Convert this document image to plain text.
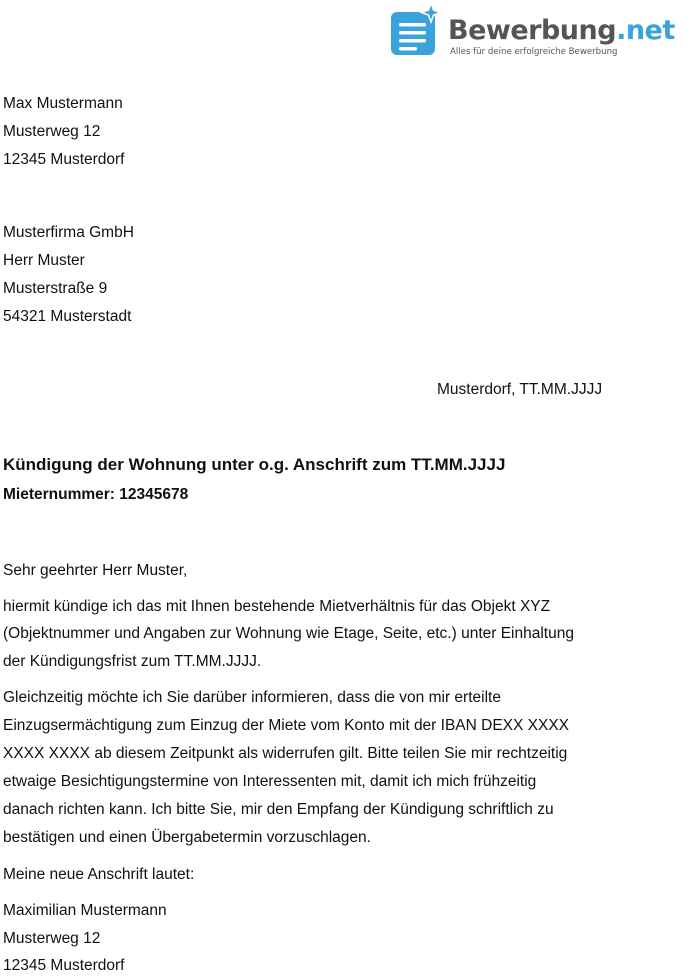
Bewerbung.net
Alles für deine erfolgreiche Bewerbung
Max Mustermann
Musterweg 12
12345 Musterdorf
Musterfirma GmbH
Herr Muster
Musterstraße 9
54321 Musterstadt
Musterdorf, TT.MM.JJJJ
Kündigung der Wohnung unter o.g. Anschrift zum TT.MM.JJJJ
Mieternummer: 12345678
Sehr geehrter Herr Muster,
hiermit kündige ich das mit Ihnen bestehende Mietverhältnis für das Objekt XYZ
(Objektnummer und Angaben zur Wohnung wie Etage, Seite, etc.) unter Einhaltung
der Kündigungsfrist zum TT.MM.JJJJ.
Gleichzeitig möchte ich Sie darüber informieren, dass die von mir erteilte
Einzugsermächtigung zum Einzug der Miete vom Konto mit der IBAN DEXX XXXX
XXXX XXXX ab diesem Zeitpunkt als widerrufen gilt. Bitte teilen Sie mir rechtzeitig
etwaige Besichtigungstermine von Interessenten mit, damit ich mich frühzeitig
danach richten kann. Ich bitte Sie, mir den Empfang der Kündigung schriftlich zu
bestätigen und einen Übergabetermin vorzuschlagen.
Meine neue Anschrift lautet:
Maximilian Mustermann
Musterweg 12
12345 Musterdorf
